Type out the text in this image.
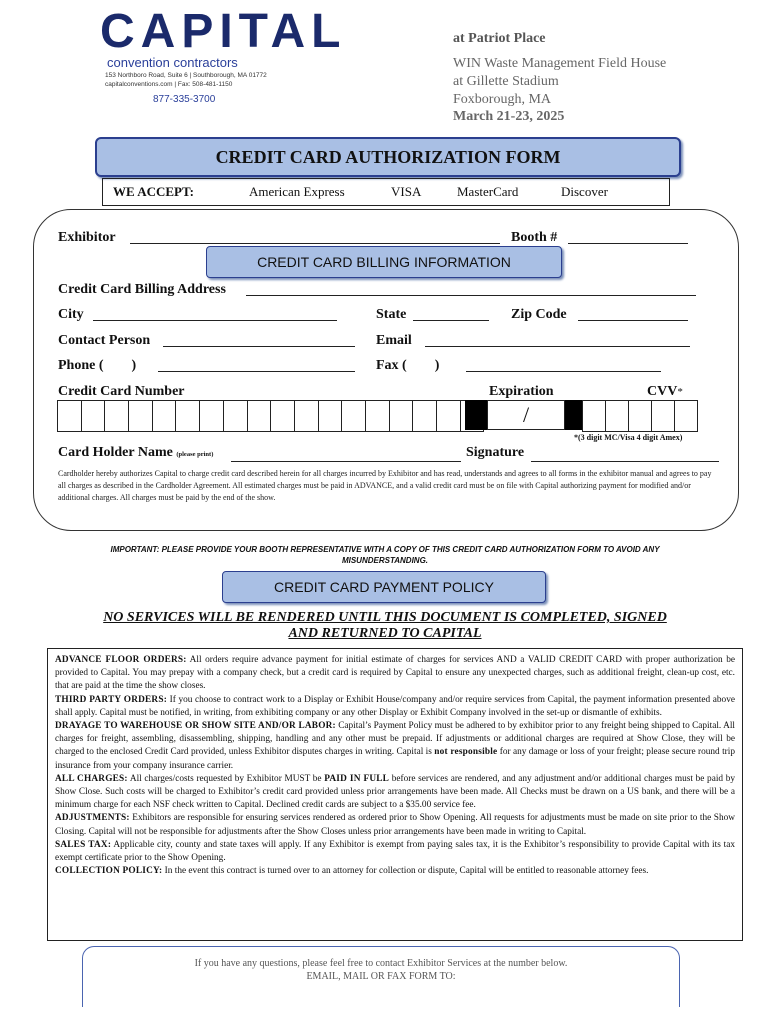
CAPITAL
convention contractors
153 Northboro Road, Suite 6 | Southborough, MA 01772
capitalconventions.com | Fax: 508-481-1150
877-335-3700
at Patriot Place
WIN Waste Management Field House
at Gillette Stadium
Foxborough, MA
March 21-23, 2025
CREDIT CARD AUTHORIZATION FORM
WE ACCEPT:	American Express	VISA	MasterCard	Discover
Exhibitor	Booth #
CREDIT CARD BILLING INFORMATION
Credit Card Billing Address
City	State	Zip Code
Contact Person	Email
Phone (        )	Fax (        )
Credit Card Number	Expiration	CVV*
/
*(3 digit MC/Visa 4 digit Amex)
Card Holder Name (please print)	Signature
Cardholder hereby authorizes Capital to charge credit card described herein for all charges incurred by Exhibitor and has read, understands and agrees to all forms in the exhibitor manual and agrees to pay all charges as described in the Cardholder Agreement. All estimated charges must be paid in ADVANCE, and a valid credit card must be on file with Capital authorizing payment for modified and/or additional charges. All charges must be paid by the end of the show.
IMPORTANT: PLEASE PROVIDE YOUR BOOTH REPRESENTATIVE WITH A COPY OF THIS CREDIT CARD AUTHORIZATION FORM TO AVOID ANY MISUNDERSTANDING.
CREDIT CARD PAYMENT POLICY
NO SERVICES WILL BE RENDERED UNTIL THIS DOCUMENT IS COMPLETED, SIGNED AND RETURNED TO CAPITAL
ADVANCE FLOOR ORDERS: All orders require advance payment for initial estimate of charges for services AND a VALID CREDIT CARD with proper authorization be provided to Capital. You may prepay with a company check, but a credit card is required by Capital to ensure any unexpected charges, such as additional freight, clean-up cost, etc. that are paid at the time the show closes.
THIRD PARTY ORDERS: If you choose to contract work to a Display or Exhibit House/company and/or require services from Capital, the payment information presented above shall apply. Capital must be notified, in writing, from exhibiting company or any other Display or Exhibit Company involved in the set-up or dismantle of exhibits.
DRAYAGE TO WAREHOUSE OR SHOW SITE AND/OR LABOR: Capital’s Payment Policy must be adhered to by exhibitor prior to any freight being shipped to Capital. All charges for freight, assembling, disassembling, shipping, handling and any other must be prepaid. If adjustments or additional charges are required at Show Close, they will be charged to the enclosed Credit Card provided, unless Exhibitor disputes charges in writing. Capital is not responsible for any damage or loss of your freight; please secure round trip insurance from your company insurance carrier.
ALL CHARGES: All charges/costs requested by Exhibitor MUST be PAID IN FULL before services are rendered, and any adjustment and/or additional charges must be paid by Show Close. Such costs will be charged to Exhibitor’s credit card provided unless prior arrangements have been made. All Checks must be drawn on a US bank, and there will be a minimum charge for each NSF check written to Capital. Declined credit cards are subject to a $35.00 service fee.
ADJUSTMENTS: Exhibitors are responsible for ensuring services rendered as ordered prior to Show Opening. All requests for adjustments must be made on site prior to the Show Closing. Capital will not be responsible for adjustments after the Show Closes unless prior arrangements have been made in writing to Capital.
SALES TAX: Applicable city, county and state taxes will apply. If any Exhibitor is exempt from paying sales tax, it is the Exhibitor’s responsibility to provide Capital with its tax exempt certificate prior to the Show Opening.
COLLECTION POLICY: In the event this contract is turned over to an attorney for collection or dispute, Capital will be entitled to reasonable attorney fees.
If you have any questions, please feel free to contact Exhibitor Services at the number below.
EMAIL, MAIL OR FAX FORM TO:
